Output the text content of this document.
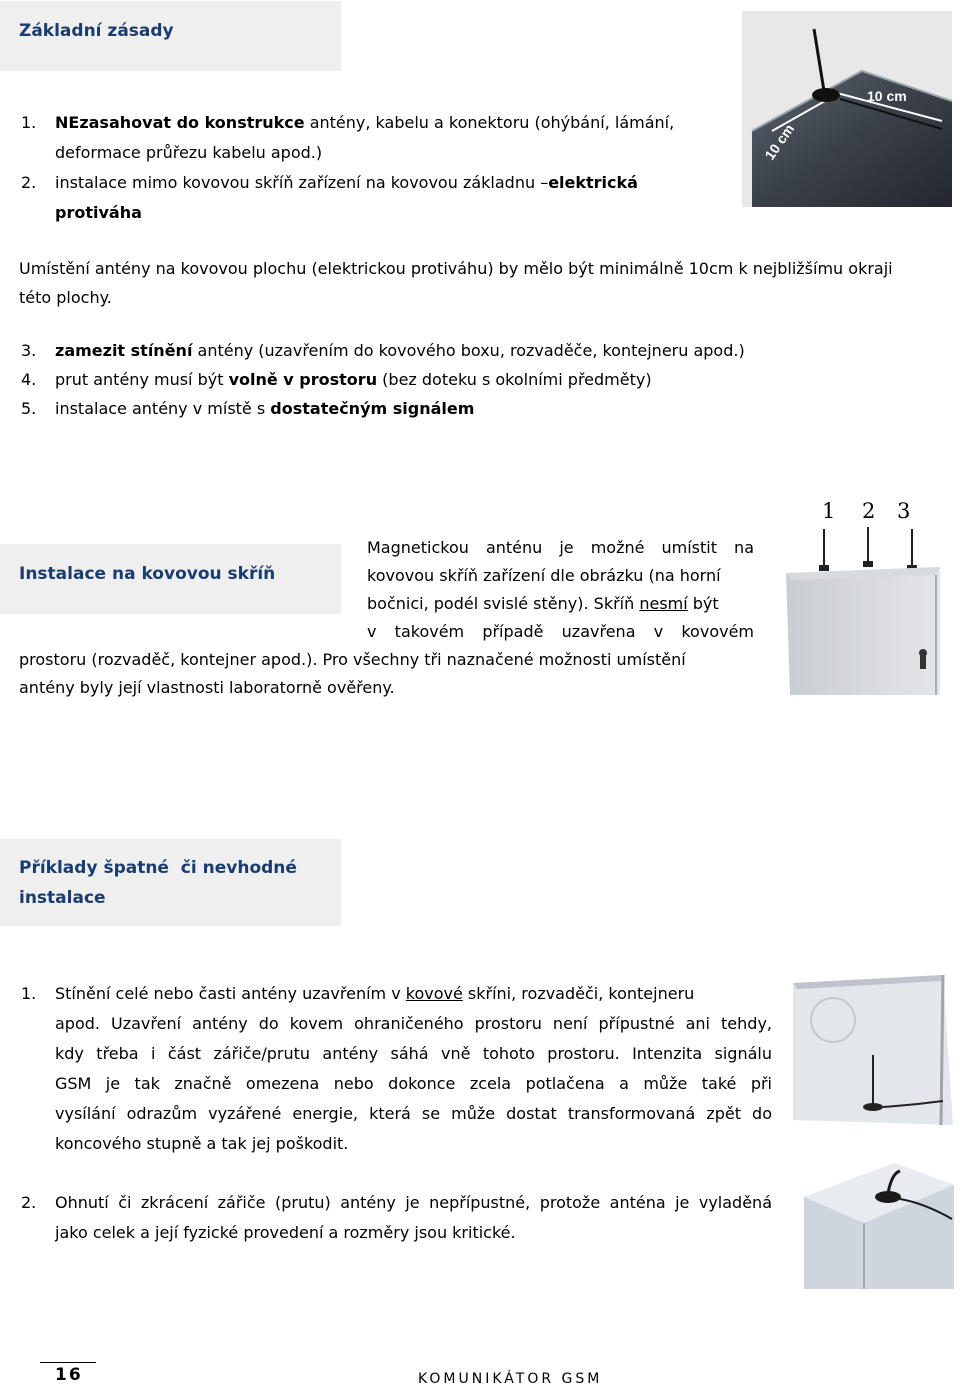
Základní zásady
1. NEzasahovat do konstrukce antény, kabelu a konektoru (ohýbání, lámání,
deformace průřezu kabelu apod.)
2. instalace mimo kovovou skříň zařízení na kovovou základnu –elektrická
protiváha
10 cm
10 cm
Umístění antény na kovovou plochu (elektrickou protiváhu) by mělo být minimálně 10cm k nejbližšímu okraji
této plochy.
3. zamezit stínění antény (uzavřením do kovového boxu, rozvaděče, kontejneru apod.)
4. prut antény musí být volně v prostoru (bez doteku s okolními předměty)
5. instalace antény v místě s dostatečným signálem
Instalace na kovovou skříň
Magnetickou anténu je možné umístit na
kovovou skříň zařízení dle obrázku (na horní
bočnici, podél svislé stěny). Skříň nesmí být
v takovém případě uzavřena v kovovém
prostoru (rozvaděč, kontejner apod.). Pro všechny tři naznačené možnosti umístění
antény byly její vlastnosti laboratorně ověřeny.
1 2 3
Příklady špatné  či nevhodné
instalace
1. Stínění celé nebo časti antény uzavřením v kovové skříni, rozvaděči, kontejneru
apod. Uzavření antény do kovem ohraničeného prostoru není přípustné ani tehdy,
kdy třeba i část zářiče/prutu antény sáhá vně tohoto prostoru. Intenzita signálu
GSM je tak značně omezena nebo dokonce zcela potlačena a může také při
vysílání odrazům vyzářené energie, která se může dostat transformovaná zpět do
koncového stupně a tak jej poškodit.
2. Ohnutí či zkrácení zářiče (prutu) antény je nepřípustné, protože anténa je vyladěná
jako celek a její fyzické provedení a rozměry jsou kritické.
16	KOMUNIKÁTOR GSM
